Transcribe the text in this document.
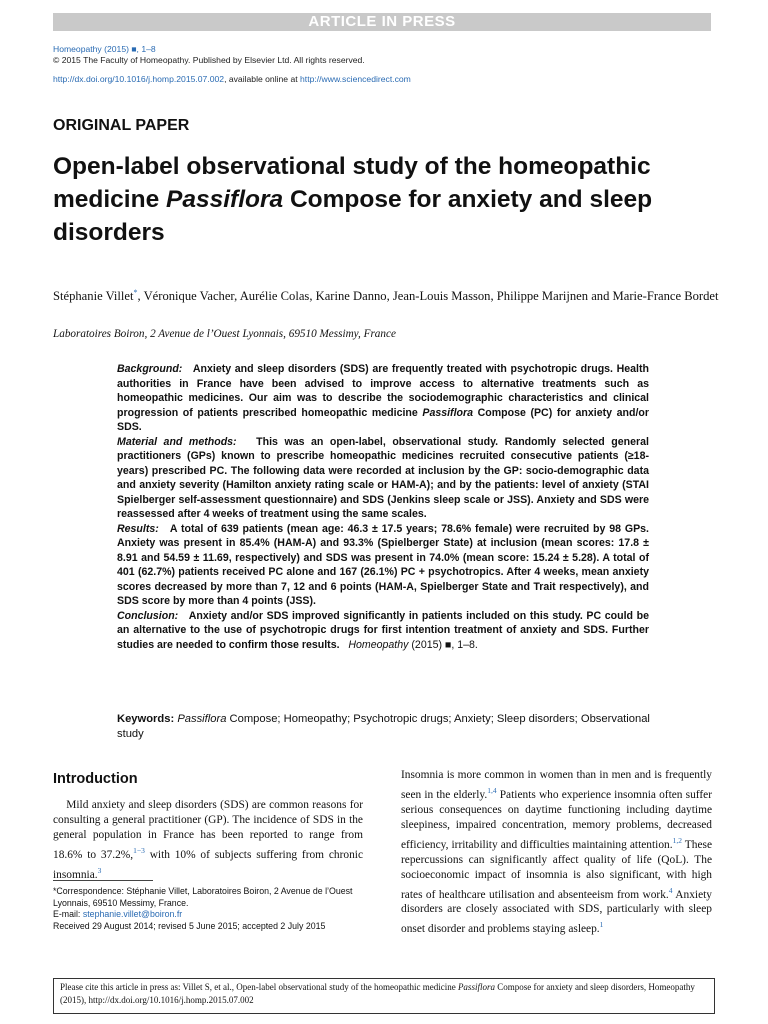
ARTICLE IN PRESS
Homeopathy (2015) ■, 1–8
© 2015 The Faculty of Homeopathy. Published by Elsevier Ltd. All rights reserved.
http://dx.doi.org/10.1016/j.homp.2015.07.002, available online at http://www.sciencedirect.com
ORIGINAL PAPER
Open-label observational study of the homeopathic medicine Passiflora Compose for anxiety and sleep disorders
Stéphanie Villet*, Véronique Vacher, Aurélie Colas, Karine Danno, Jean-Louis Masson, Philippe Marijnen and Marie-France Bordet
Laboratoires Boiron, 2 Avenue de l’Ouest Lyonnais, 69510 Messimy, France

Background: Anxiety and sleep disorders (SDS) are frequently treated with psychotropic drugs. Health authorities in France have been advised to improve access to alternative treatments such as homeopathic medicines. Our aim was to describe the sociodemographic characteristics and clinical progression of patients prescribed homeopathic medicine Passiflora Compose (PC) for anxiety and/or SDS.

Material and methods: This was an open-label, observational study. Randomly selected general practitioners (GPs) known to prescribe homeopathic medicines recruited consecutive patients (≥18-years) prescribed PC. The following data were recorded at inclusion by the GP: socio-demographic data and anxiety severity (Hamilton anxiety rating scale or HAM-A); and by the patients: level of anxiety (STAI Spielberger self-assessment questionnaire) and SDS (Jenkins sleep scale or JSS). Anxiety and SDS were reassessed after 4 weeks of treatment using the same scales.

Results: A total of 639 patients (mean age: 46.3 ± 17.5 years; 78.6% female) were recruited by 98 GPs. Anxiety was present in 85.4% (HAM-A) and 93.3% (Spielberger State) at inclusion (mean scores: 17.8 ± 8.91 and 54.59 ± 11.69, respectively) and SDS was present in 74.0% (mean score: 15.24 ± 5.28). A total of 401 (62.7%) patients received PC alone and 167 (26.1%) PC + psychotropics. After 4 weeks, mean anxiety scores decreased by more than 7, 12 and 6 points (HAM-A, Spielberger State and Trait respectively), and SDS score by more than 4 points (JSS).

Conclusion: Anxiety and/or SDS improved significantly in patients included on this study. PC could be an alternative to the use of psychotropic drugs for first intention treatment of anxiety and SDS. Further studies are needed to confirm those results. Homeopathy (2015) ■, 1–8.

Keywords: Passiflora Compose; Homeopathy; Psychotropic drugs; Anxiety; Sleep disorders; Observational study
Introduction

Mild anxiety and sleep disorders (SDS) are common reasons for consulting a general practitioner (GP). The incidence of SDS in the general population in France has been reported to range from 18.6% to 37.2%,$^{1-3}$ with 10% of subjects suffering from chronic insomnia.$^3$

*Correspondence: Stéphanie Villet, Laboratoires Boiron, 2 Avenue de l’Ouest Lyonnais, 69510 Messimy, France.

E-mail: stephanie.villet@boiron.fr

Received 29 August 2014; revised 5 June 2015; accepted 2 July 2015

Insomnia is more common in women than in men and is frequently seen in the elderly.$^{1,4}$ Patients who experience insomnia often suffer serious consequences on daytime functioning including daytime sleepiness, impaired concentration, memory problems, decreased efficiency, irritability and difficulties maintaining attention.$^{1,2}$ These repercussions can significantly affect quality of life (QoL). The socioeconomic impact of insomnia is also significant, with high rates of healthcare utilisation and absenteeism from work.$^4$ Anxiety disorders are closely associated with SDS, particularly with sleep onset disorder and problems staying asleep.$^1$

Please cite this article in press as: Villet S, et al., Open-label observational study of the homeopathic medicine Passiflora Compose for anxiety and sleep disorders, Homeopathy (2015), http://dx.doi.org/10.1016/j.homp.2015.07.002
